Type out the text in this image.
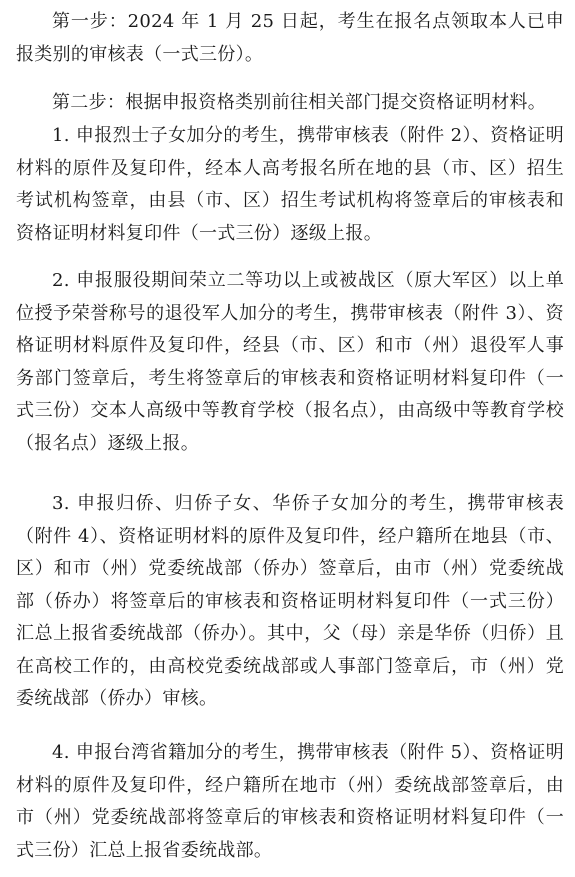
第一步：2024 年 1 月 25 日起，考生在报名点领取本人已申报类别的审核表（一式三份）。

第二步：根据申报资格类别前往相关部门提交资格证明材料。

1. 申报烈士子女加分的考生，携带审核表（附件 2）、资格证明材料的原件及复印件，经本人高考报名所在地的县（市、区）招生考试机构签章，由县（市、区）招生考试机构将签章后的审核表和资格证明材料复印件（一式三份）逐级上报。

2. 申报服役期间荣立二等功以上或被战区（原大军区）以上单位授予荣誉称号的退役军人加分的考生，携带审核表（附件 3）、资格证明材料原件及复印件，经县（市、区）和市（州）退役军人事务部门签章后，考生将签章后的审核表和资格证明材料复印件（一式三份）交本人高级中等教育学校（报名点），由高级中等教育学校（报名点）逐级上报。

3. 申报归侨、归侨子女、华侨子女加分的考生，携带审核表（附件 4）、资格证明材料的原件及复印件，经户籍所在地县（市、区）和市（州）党委统战部（侨办）签章后，由市（州）党委统战部（侨办）将签章后的审核表和资格证明材料复印件（一式三份）汇总上报省委统战部（侨办）。其中，父（母）亲是华侨（归侨）且在高校工作的，由高校党委统战部或人事部门签章后，市（州）党委统战部（侨办）审核。

4. 申报台湾省籍加分的考生，携带审核表（附件 5）、资格证明材料的原件及复印件，经户籍所在地市（州）委统战部签章后，由市（州）党委统战部将签章后的审核表和资格证明材料复印件（一式三份）汇总上报省委统战部。
